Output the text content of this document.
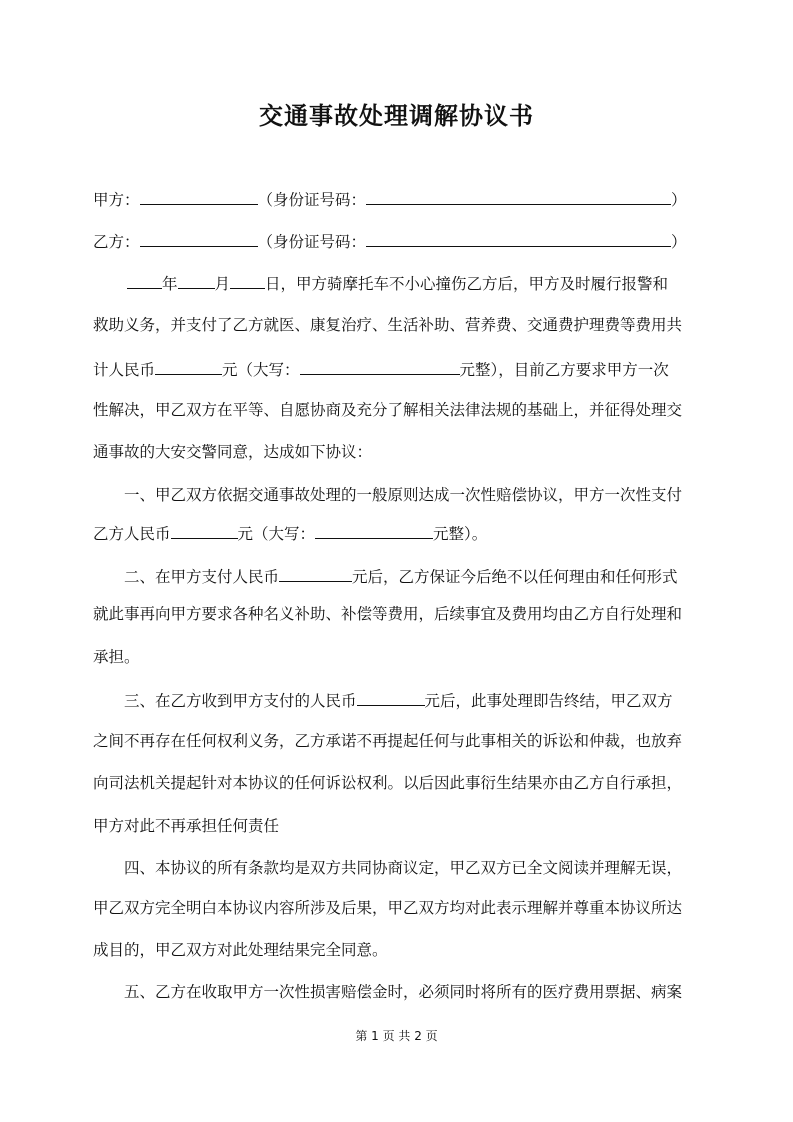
交通事故处理调解协议书
甲方：	（身份证号码：	）
乙方：	（身份证号码：	）
年 月 日，甲方骑摩托车不小心撞伤乙方后，甲方及时履行报警和
救助义务，并支付了乙方就医、康复治疗、生活补助、营养费、交通费护理费等费用共
计人民币	元（大写：	元整），目前乙方要求甲方一次
性解决，甲乙双方在平等、自愿协商及充分了解相关法律法规的基础上，并征得处理交
通事故的大安交警同意，达成如下协议：
一、甲乙双方依据交通事故处理的一般原则达成一次性赔偿协议，甲方一次性支付
乙方人民币	元（大写：	元整）。
二、在甲方支付人民币	元后，乙方保证今后绝不以任何理由和任何形式
就此事再向甲方要求各种名义补助、补偿等费用，后续事宜及费用均由乙方自行处理和
承担。
三、在乙方收到甲方支付的人民币	元后，此事处理即告终结，甲乙双方
之间不再存在任何权利义务，乙方承诺不再提起任何与此事相关的诉讼和仲裁，也放弃
向司法机关提起针对本协议的任何诉讼权利。以后因此事衍生结果亦由乙方自行承担，
甲方对此不再承担任何责任
四、本协议的所有条款均是双方共同协商议定，甲乙双方已全文阅读并理解无误，
甲乙双方完全明白本协议内容所涉及后果，甲乙双方均对此表示理解并尊重本协议所达
成目的，甲乙双方对此处理结果完全同意。
五、乙方在收取甲方一次性损害赔偿金时，必须同时将所有的医疗费用票据、病案
第 1 页 共 2 页
